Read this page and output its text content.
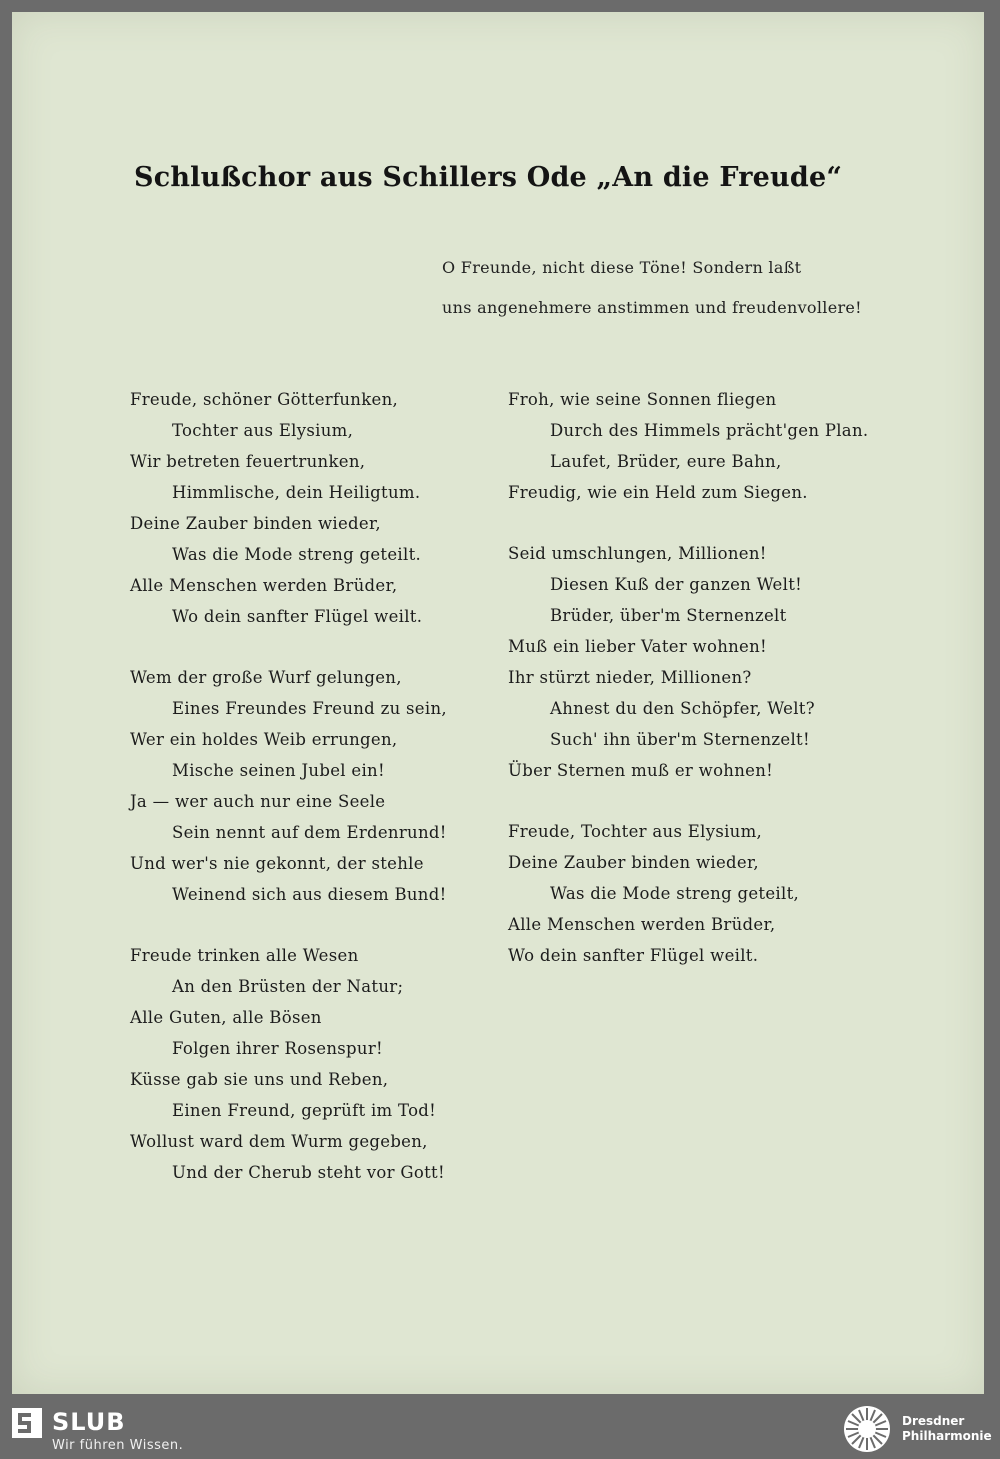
Schlußchor aus Schillers Ode „An die Freude“
O Freunde, nicht diese Töne! Sondern laßt
uns angenehmere anstimmen und freudenvollere!
Freude, schöner Götterfunken,
Tochter aus Elysium,
Wir betreten feuertrunken,
Himmlische, dein Heiligtum.
Deine Zauber binden wieder,
Was die Mode streng geteilt.
Alle Menschen werden Brüder,
Wo dein sanfter Flügel weilt.
Wem der große Wurf gelungen,
Eines Freundes Freund zu sein,
Wer ein holdes Weib errungen,
Mische seinen Jubel ein!
Ja — wer auch nur eine Seele
Sein nennt auf dem Erdenrund!
Und wer's nie gekonnt, der stehle
Weinend sich aus diesem Bund!
Freude trinken alle Wesen
An den Brüsten der Natur;
Alle Guten, alle Bösen
Folgen ihrer Rosenspur!
Küsse gab sie uns und Reben,
Einen Freund, geprüft im Tod!
Wollust ward dem Wurm gegeben,
Und der Cherub steht vor Gott!
Froh, wie seine Sonnen fliegen
Durch des Himmels prächt'gen Plan.
Laufet, Brüder, eure Bahn,
Freudig, wie ein Held zum Siegen.
Seid umschlungen, Millionen!
Diesen Kuß der ganzen Welt!
Brüder, über'm Sternenzelt
Muß ein lieber Vater wohnen!
Ihr stürzt nieder, Millionen?
Ahnest du den Schöpfer, Welt?
Such' ihn über'm Sternenzelt!
Über Sternen muß er wohnen!
Freude, Tochter aus Elysium,
Deine Zauber binden wieder,
Was die Mode streng geteilt,
Alle Menschen werden Brüder,
Wo dein sanfter Flügel weilt.
SLUB
Wir führen Wissen.
Dresdner
Philharmonie
